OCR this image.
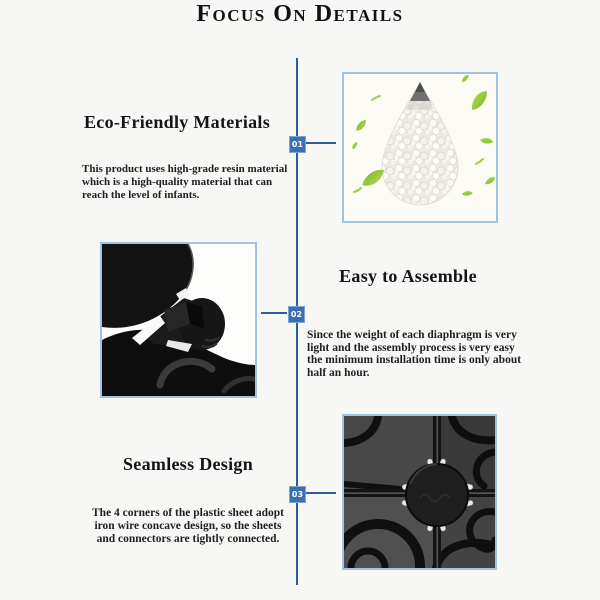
Focus On Details
01
02
03
Eco-Friendly Materials
This product uses high-grade resin material
which is a high-quality material that can
reach the level of infants.
Easy to Assemble
Since the weight of each diaphragm is very
light and the assembly process is very easy
the minimum installation time is only about
half an hour.
Seamless Design
The 4 corners of the plastic sheet adopt
iron wire concave design, so the sheets
and connectors are tightly connected.
